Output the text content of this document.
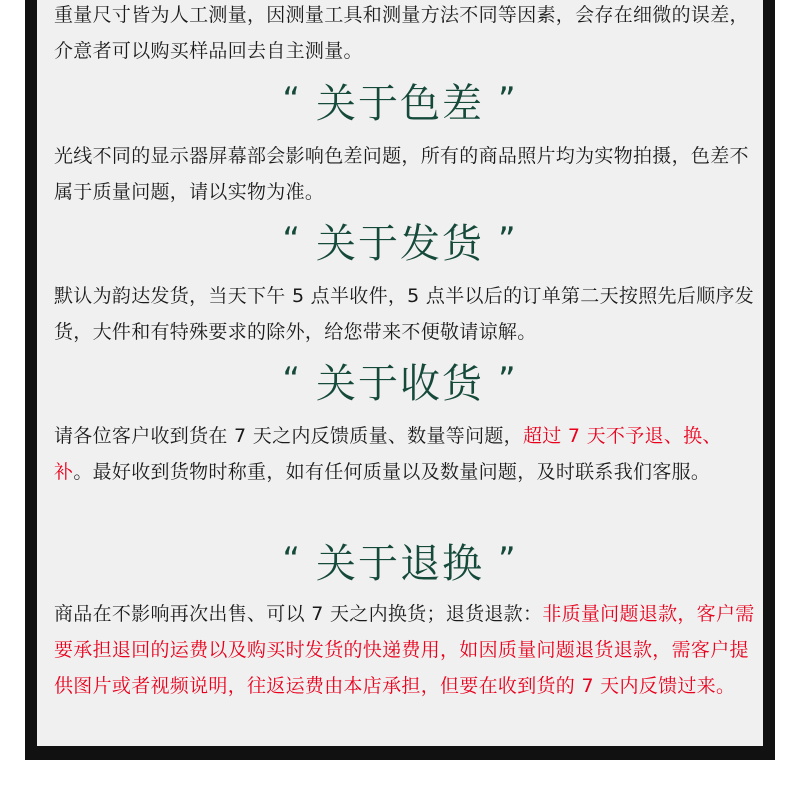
重量尺寸皆为人工测量，因测量工具和测量方法不同等因素，会存在细微的误差，介意者可以购买样品回去自主测量。

“ 关于色差 ”

光线不同的显示器屏幕部会影响色差问题，所有的商品照片均为实物拍摄，色差不属于质量问题，请以实物为准。

“ 关于发货 ”

默认为韵达发货，当天下午 5 点半收件，5 点半以后的订单第二天按照先后顺序发货，大件和有特殊要求的除外，给您带来不便敬请谅解。

“ 关于收货 ”

请各位客户收到货在 7 天之内反馈质量、数量等问题，超过 7 天不予退、换、补。最好收到货物时称重，如有任何质量以及数量问题，及时联系我们客服。

“ 关于退换 ”

商品在不影响再次出售、可以 7 天之内换货；退货退款：非质量问题退款，客户需要承担退回的运费以及购买时发货的快递费用，如因质量问题退货退款，需客户提供图片或者视频说明，往返运费由本店承担，但要在收到货的 7 天内反馈过来。
